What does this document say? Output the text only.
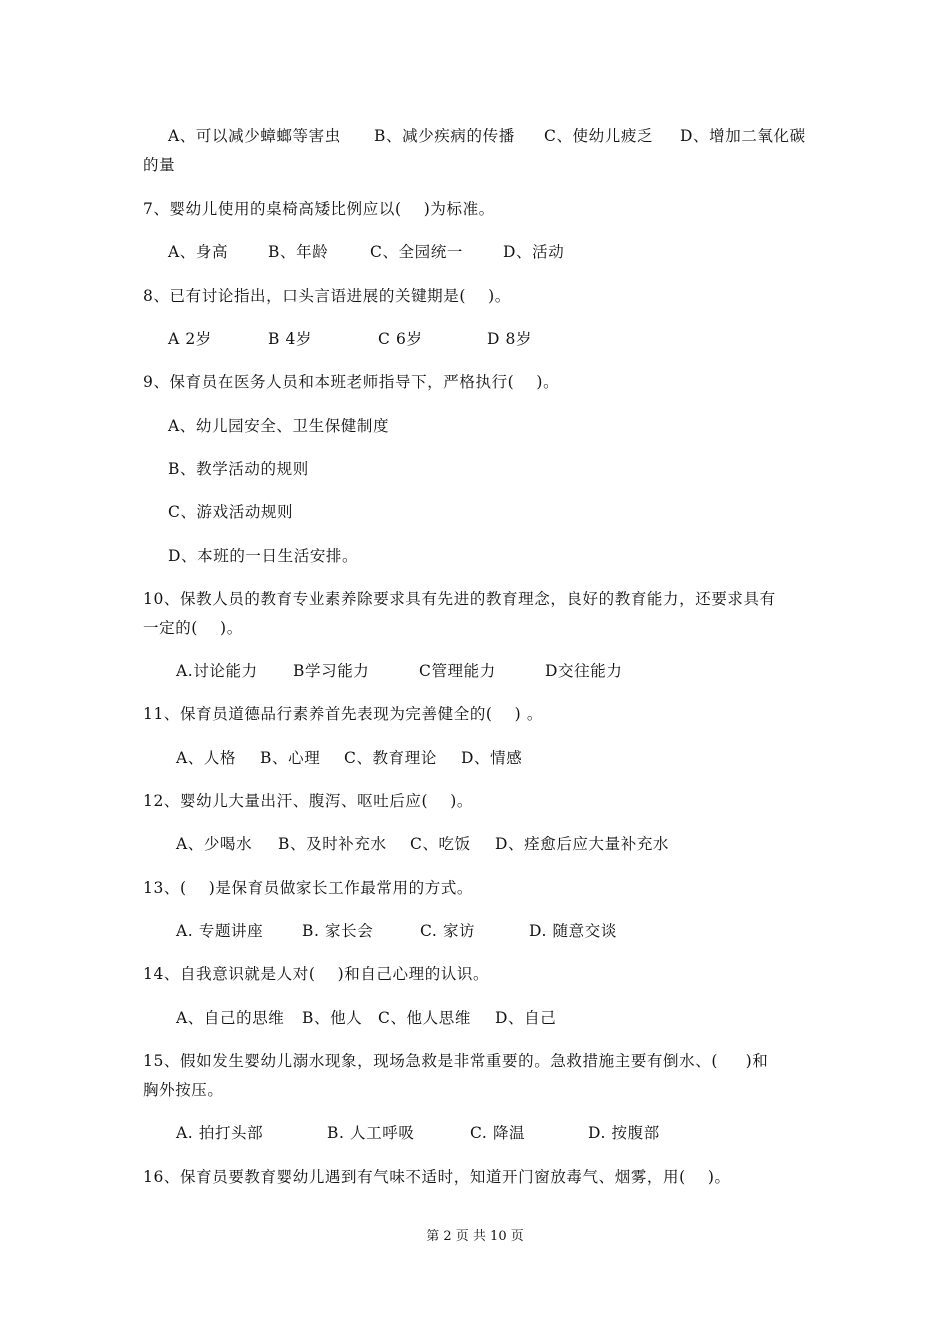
A、可以减少蟑螂等害虫 B、减少疾病的传播 C、使幼儿疲乏 D、增加二氧化碳
的量
7、婴幼儿使用的桌椅高矮比例应以(    )为标准。
A、身高	B、年龄	C、全园统一	D、活动
8、已有讨论指出，口头言语进展的关键期是(    )。
A 2岁	B 4岁	C 6岁	D 8岁
9、保育员在医务人员和本班老师指导下，严格执行(    )。
A、幼儿园安全、卫生保健制度
B、教学活动的规则
C、游戏活动规则
D、本班的一日生活安排。
10、保教人员的教育专业素养除要求具有先进的教育理念，良好的教育能力，还要求具有
一定的(    )。
A.讨论能力 B学习能力	C管理能力	D交往能力
11、保育员道德品行素养首先表现为完善健全的(    ) 。
A、人格 B、心理 C、教育理论 D、情感
12、婴幼儿大量出汗、腹泻、呕吐后应(    )。
A、少喝水 B、及时补充水 C、吃饭 D、痊愈后应大量补充水
13、(    )是保育员做家长工作最常用的方式。
A. 专题讲座	B. 家长会	C. 家访	D. 随意交谈
14、自我意识就是人对(    )和自己心理的认识。
A、自己的思维 B、他人 C、他人思维 D、自己
15、假如发生婴幼儿溺水现象，现场急救是非常重要的。急救措施主要有倒水、(     )和
胸外按压。
A. 拍打头部	B. 人工呼吸	C. 降温	D. 按腹部
16、保育员要教育婴幼儿遇到有气味不适时，知道开门窗放毒气、烟雾，用(    )。
第 2 页 共 10 页
